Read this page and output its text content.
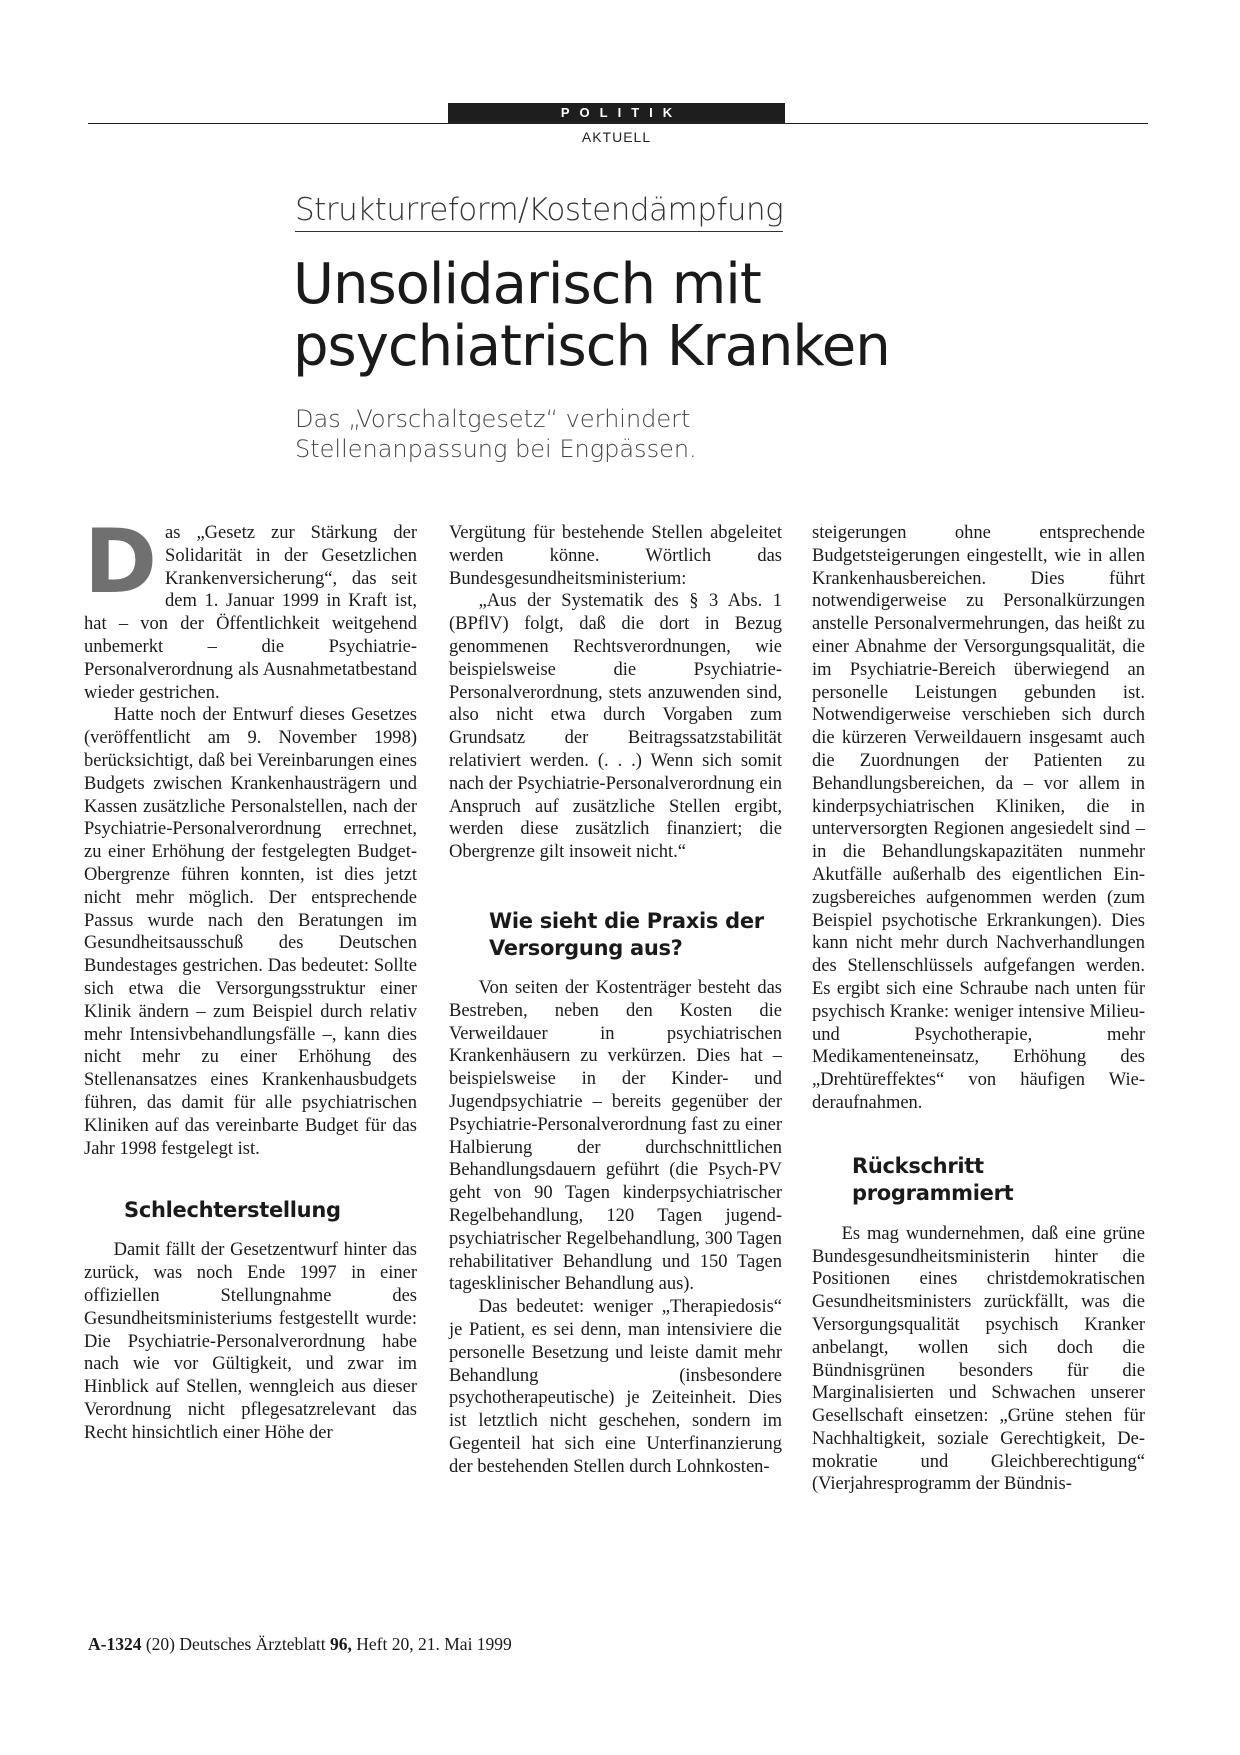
POLITIK
AKTUELL
Strukturreform/Kostendämpfung
Unsolidarisch mit
psychiatrisch Kranken
Das „Vorschaltgesetz“ verhindert
Stellenanpassung bei Engpässen.

Das „Gesetz zur Stärkung der Solidarität in der Gesetzlichen Krankenversicherung“, das seit dem 1. Januar 1999 in Kraft ist, hat – von der Öffentlichkeit weitgehend unbemerkt – die Psychiatrie-Personalverordnung als Ausnahmetatbestand wieder gestrichen.

Hatte noch der Entwurf dieses Gesetzes (veröffentlicht am 9. November 1998) berücksichtigt, daß bei Vereinbarungen eines Budgets zwischen Krankenhausträgern und Kassen zusätzliche Personalstellen, nach der Psychiatrie-Personalverordnung errechnet, zu einer Erhöhung der festgelegten Budget-Obergrenze führen konnten, ist dies jetzt nicht mehr möglich. Der entsprechende Passus wurde nach den Beratungen im Gesundheitsausschuß des Deutschen Bundestages gestrichen. Das bedeutet: Sollte sich etwa die Versorgungsstruktur einer Klinik ändern – zum Beispiel durch relativ mehr Intensivbehandlungsfälle –, kann dies nicht mehr zu einer Erhöhung des Stellenansatzes eines Krankenhausbudgets führen, das damit für alle psychiatrischen Kliniken auf das vereinbarte Budget für das Jahr 1998 festgelegt ist.

Schlechterstellung

Damit fällt der Gesetzentwurf hinter das zurück, was noch Ende 1997 in einer offiziellen Stellungnahme des Gesundheitsministeriums festgestellt wurde: Die Psychiatrie-Personalverordnung habe nach wie vor Gültigkeit, und zwar im Hinblick auf Stellen, wenngleich aus dieser Verordnung nicht pflegesatzrelevant das Recht hinsichtlich einer Höhe der

Vergütung für bestehende Stellen abgeleitet werden könne. Wörtlich das Bundesgesundheitsministerium:

„Aus der Systematik des § 3 Abs. 1 (BPflV) folgt, daß die dort in Bezug genommenen Rechtsverordnungen, wie beispielsweise die Psychiatrie-Personalverordnung, stets anzuwenden sind, also nicht etwa durch Vorgaben zum Grundsatz der Beitragssatzstabilität relativiert werden. (. . .) Wenn sich somit nach der Psychiatrie-Personalverordnung ein Anspruch auf zusätzliche Stellen ergibt, werden diese zusätzlich finanziert; die Obergrenze gilt insoweit nicht.“

Wie sieht die Praxis der Versorgung aus?

Von seiten der Kostenträger besteht das Bestreben, neben den Kosten die Verweildauer in psychiatrischen Krankenhäusern zu verkürzen. Dies hat – beispielsweise in der Kinder- und Jugendpsychiatrie – bereits gegenüber der Psychiatrie-Personalverordnung fast zu einer Halbierung der durchschnittlichen Behandlungsdauern geführt (die Psych-PV geht von 90 Tagen kinderpsychiatrischer Regelbehandlung, 120 Tagen jugendpsychiatrischer Regelbehandlung, 300 Tagen rehabilitativer Behandlung und 150 Tagen tagesklinischer Behandlung aus).

Das bedeutet: weniger „Therapiedosis“ je Patient, es sei denn, man intensiviere die personelle Besetzung und leiste damit mehr Behandlung (insbesondere psychotherapeutische) je Zeiteinheit. Dies ist letztlich nicht geschehen, sondern im Gegenteil hat sich eine Unterfinanzierung der bestehenden Stellen durch Lohnkosten-

steigerungen ohne entsprechende Budgetsteigerungen eingestellt, wie in allen Krankenhausbereichen. Dies führt notwendigerweise zu Personalkürzungen anstelle Personalvermehrungen, das heißt zu einer Abnahme der Versorgungsqualität, die im Psychiatrie-Bereich überwiegend an personelle Leistungen gebunden ist. Notwendigerweise verschieben sich durch die kürzeren Verweildauern insgesamt auch die Zuordnungen der Patienten zu Behandlungsbereichen, da – vor allem in kinderpsychiatrischen Kliniken, die in unterversorgten Regionen angesiedelt sind – in die Behandlungskapazitäten nunmehr Akutfälle außerhalb des eigentlichen Einzugsbereiches aufgenommen werden (zum Beispiel psychotische Erkrankungen). Dies kann nicht mehr durch Nachverhandlungen des Stellenschlüssels aufgefangen werden. Es ergibt sich eine Schraube nach unten für psychisch Kranke: weniger intensive Milieu- und Psychotherapie, mehr Medikamenteneinsatz, Erhöhung des „Drehtüreffektes“ von häufigen Wiederaufnahmen.

Rückschritt programmiert

Es mag wundernehmen, daß eine grüne Bundesgesundheitsministerin hinter die Positionen eines christdemokratischen Gesundheitsministers zurückfällt, was die Versorgungsqualität psychisch Kranker anbelangt, wollen sich doch die Bündnisgrünen besonders für die Marginalisierten und Schwachen unserer Gesellschaft einsetzen: „Grüne stehen für Nachhaltigkeit, soziale Gerechtigkeit, Demokratie und Gleichberechtigung“ (Vierjahresprogramm der Bündnis-

A-1324 (20) Deutsches Ärzteblatt 96, Heft 20, 21. Mai 1999
